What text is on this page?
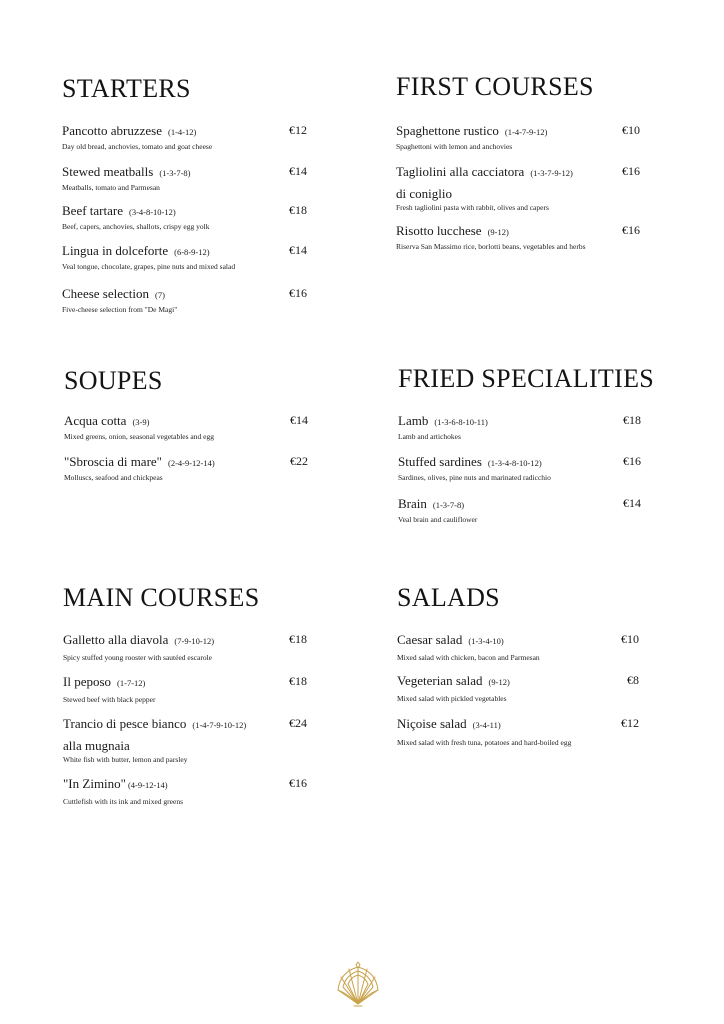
STARTERS
Pancotto abruzzese (1-4-12)	€12
Day old bread, anchovies, tomato and goat cheese
Stewed meatballs (1-3-7-8)	€14
Meatballs, tomato and Parmesan
Beef tartare (3-4-8-10-12)	€18
Beef, capers, anchovies, shallots, crispy egg yolk
Lingua in dolceforte (6-8-9-12)	€14
Veal tongue, chocolate, grapes, pine nuts and mixed salad
Cheese selection (7)	€16
Five-cheese selection from "De Magi"
FIRST COURSES
Spaghettone rustico (1-4-7-9-12)	€10
Spaghettoni with lemon and anchovies
Tagliolini alla cacciatora (1-3-7-9-12)
di coniglio
€16
Fresh tagliolini pasta with rabbit, olives and capers
Risotto lucchese (9-12)	€16
Riserva San Massimo rice, borlotti beans, vegetables and herbs
SOUPES
Acqua cotta (3-9)	€14
Mixed greens, onion, seasonal vegetables and egg
"Sbroscia di mare" (2-4-9-12-14)	€22
Molluscs, seafood and chickpeas
FRIED SPECIALITIES
Lamb (1-3-6-8-10-11)	€18
Lamb and artichokes
Stuffed sardines (1-3-4-8-10-12)	€16
Sardines, olives, pine nuts and marinated radicchio
Brain (1-3-7-8)	€14
Veal brain and cauliflower
MAIN COURSES
Galletto alla diavola (7-9-10-12)	€18
Spicy stuffed young rooster with sautéed escarole
Il peposo (1-7-12)	€18
Stewed beef with black pepper
Trancio di pesce bianco (1-4-7-9-10-12)
alla mugnaia
€24
White fish with butter, lemon and parsley
"In Zimino" (4-9-12-14)	€16
Cuttlefish with its ink and mixed greens
SALADS
Caesar salad (1-3-4-10)	€10
Mixed salad with chicken, bacon and Parmesan
Vegeterian salad (9-12)	€8
Mixed salad with pickled vegetables
Niçoise salad (3-4-11)	€12
Mixed salad with fresh tuna, potatoes and hard-boiled egg
